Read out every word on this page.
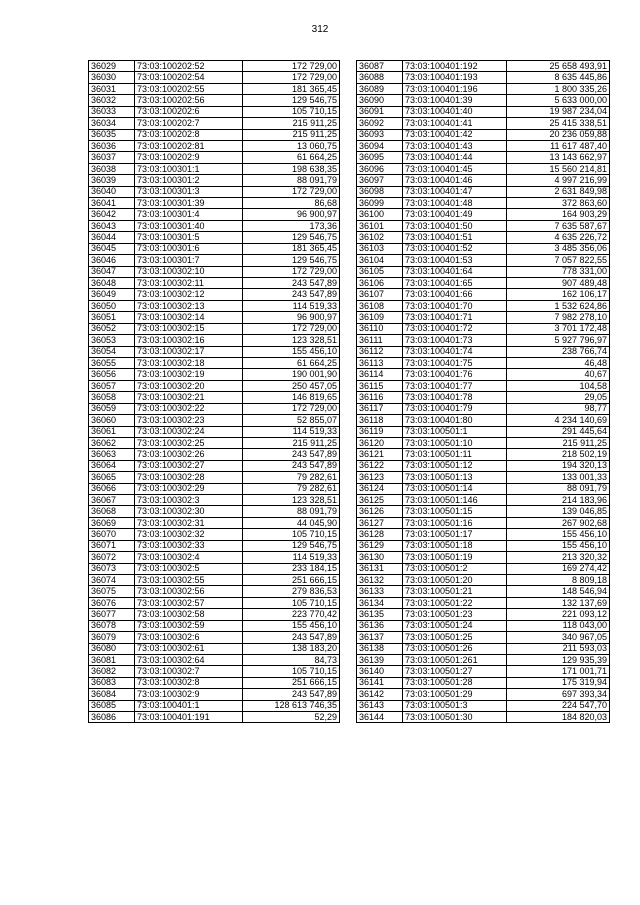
312
36029	73:03:100202:52	172 729,00
36030	73:03:100202:54	172 729,00
36031	73:03:100202:55	181 365,45
36032	73:03:100202:56	129 546,75
36033	73:03:100202:6	105 710,15
36034	73:03:100202:7	215 911,25
36035	73:03:100202:8	215 911,25
36036	73:03:100202:81	13 060,75
36037	73:03:100202:9	61 664,25
36038	73:03:100301:1	198 638,35
36039	73:03:100301:2	88 091,79
36040	73:03:100301:3	172 729,00
36041	73:03:100301:39	86,68
36042	73:03:100301:4	96 900,97
36043	73:03:100301:40	173,36
36044	73:03:100301:5	129 546,75
36045	73:03:100301:6	181 365,45
36046	73:03:100301:7	129 546,75
36047	73:03:100302:10	172 729,00
36048	73:03:100302:11	243 547,89
36049	73:03:100302:12	243 547,89
36050	73:03:100302:13	114 519,33
36051	73:03:100302:14	96 900,97
36052	73:03:100302:15	172 729,00
36053	73:03:100302:16	123 328,51
36054	73:03:100302:17	155 456,10
36055	73:03:100302:18	61 664,25
36056	73:03:100302:19	190 001,90
36057	73:03:100302:20	250 457,05
36058	73:03:100302:21	146 819,65
36059	73:03:100302:22	172 729,00
36060	73:03:100302:23	52 855,07
36061	73:03:100302:24	114 519,33
36062	73:03:100302:25	215 911,25
36063	73:03:100302:26	243 547,89
36064	73:03:100302:27	243 547,89
36065	73:03:100302:28	79 282,61
36066	73:03:100302:29	79 282,61
36067	73:03:100302:3	123 328,51
36068	73:03:100302:30	88 091,79
36069	73:03:100302:31	44 045,90
36070	73:03:100302:32	105 710,15
36071	73:03:100302:33	129 546,75
36072	73:03:100302:4	114 519,33
36073	73:03:100302:5	233 184,15
36074	73:03:100302:55	251 666,15
36075	73:03:100302:56	279 836,53
36076	73:03:100302:57	105 710,15
36077	73:03:100302:58	223 770,42
36078	73:03:100302:59	155 456,10
36079	73:03:100302:6	243 547,89
36080	73:03:100302:61	138 183,20
36081	73:03:100302:64	84,73
36082	73:03:100302:7	105 710,15
36083	73:03:100302:8	251 666,15
36084	73:03:100302:9	243 547,89
36085	73:03:100401:1	128 613 746,35
36086	73:03:100401:191	52,29
36087	73:03:100401:192	25 658 493,91
36088	73:03:100401:193	8 635 445,86
36089	73:03:100401:196	1 800 335,26
36090	73:03:100401:39	5 633 000,00
36091	73:03:100401:40	19 987 234,04
36092	73:03:100401:41	25 415 338,51
36093	73:03:100401:42	20 236 059,88
36094	73:03:100401:43	11 617 487,40
36095	73:03:100401:44	13 143 662,97
36096	73:03:100401:45	15 560 214,81
36097	73:03:100401:46	4 997 216,99
36098	73:03:100401:47	2 631 849,98
36099	73:03:100401:48	372 863,60
36100	73:03:100401:49	164 903,29
36101	73:03:100401:50	7 635 587,67
36102	73:03:100401:51	4 635 226,72
36103	73:03:100401:52	3 485 356,06
36104	73:03:100401:53	7 057 822,55
36105	73:03:100401:64	778 331,00
36106	73:03:100401:65	907 489,48
36107	73:03:100401:66	162 106,17
36108	73:03:100401:70	1 532 624,86
36109	73:03:100401:71	7 982 278,10
36110	73:03:100401:72	3 701 172,48
36111	73:03:100401:73	5 927 796,97
36112	73:03:100401:74	238 766,74
36113	73:03:100401:75	46,48
36114	73:03:100401:76	40,67
36115	73:03:100401:77	104,58
36116	73:03:100401:78	29,05
36117	73:03:100401:79	98,77
36118	73:03:100401:80	4 234 140,69
36119	73:03:100501:1	291 445,64
36120	73:03:100501:10	215 911,25
36121	73:03:100501:11	218 502,19
36122	73:03:100501:12	194 320,13
36123	73:03:100501:13	133 001,33
36124	73:03:100501:14	88 091,79
36125	73:03:100501:146	214 183,96
36126	73:03:100501:15	139 046,85
36127	73:03:100501:16	267 902,68
36128	73:03:100501:17	155 456,10
36129	73:03:100501:18	155 456,10
36130	73:03:100501:19	213 320,32
36131	73:03:100501:2	169 274,42
36132	73:03:100501:20	8 809,18
36133	73:03:100501:21	148 546,94
36134	73:03:100501:22	132 137,69
36135	73:03:100501:23	221 093,12
36136	73:03:100501:24	118 043,00
36137	73:03:100501:25	340 967,05
36138	73:03:100501:26	211 593,03
36139	73:03:100501:261	129 935,39
36140	73:03:100501:27	171 001,71
36141	73:03:100501:28	175 319,94
36142	73:03:100501:29	697 393,34
36143	73:03:100501:3	224 547,70
36144	73:03:100501:30	184 820,03
